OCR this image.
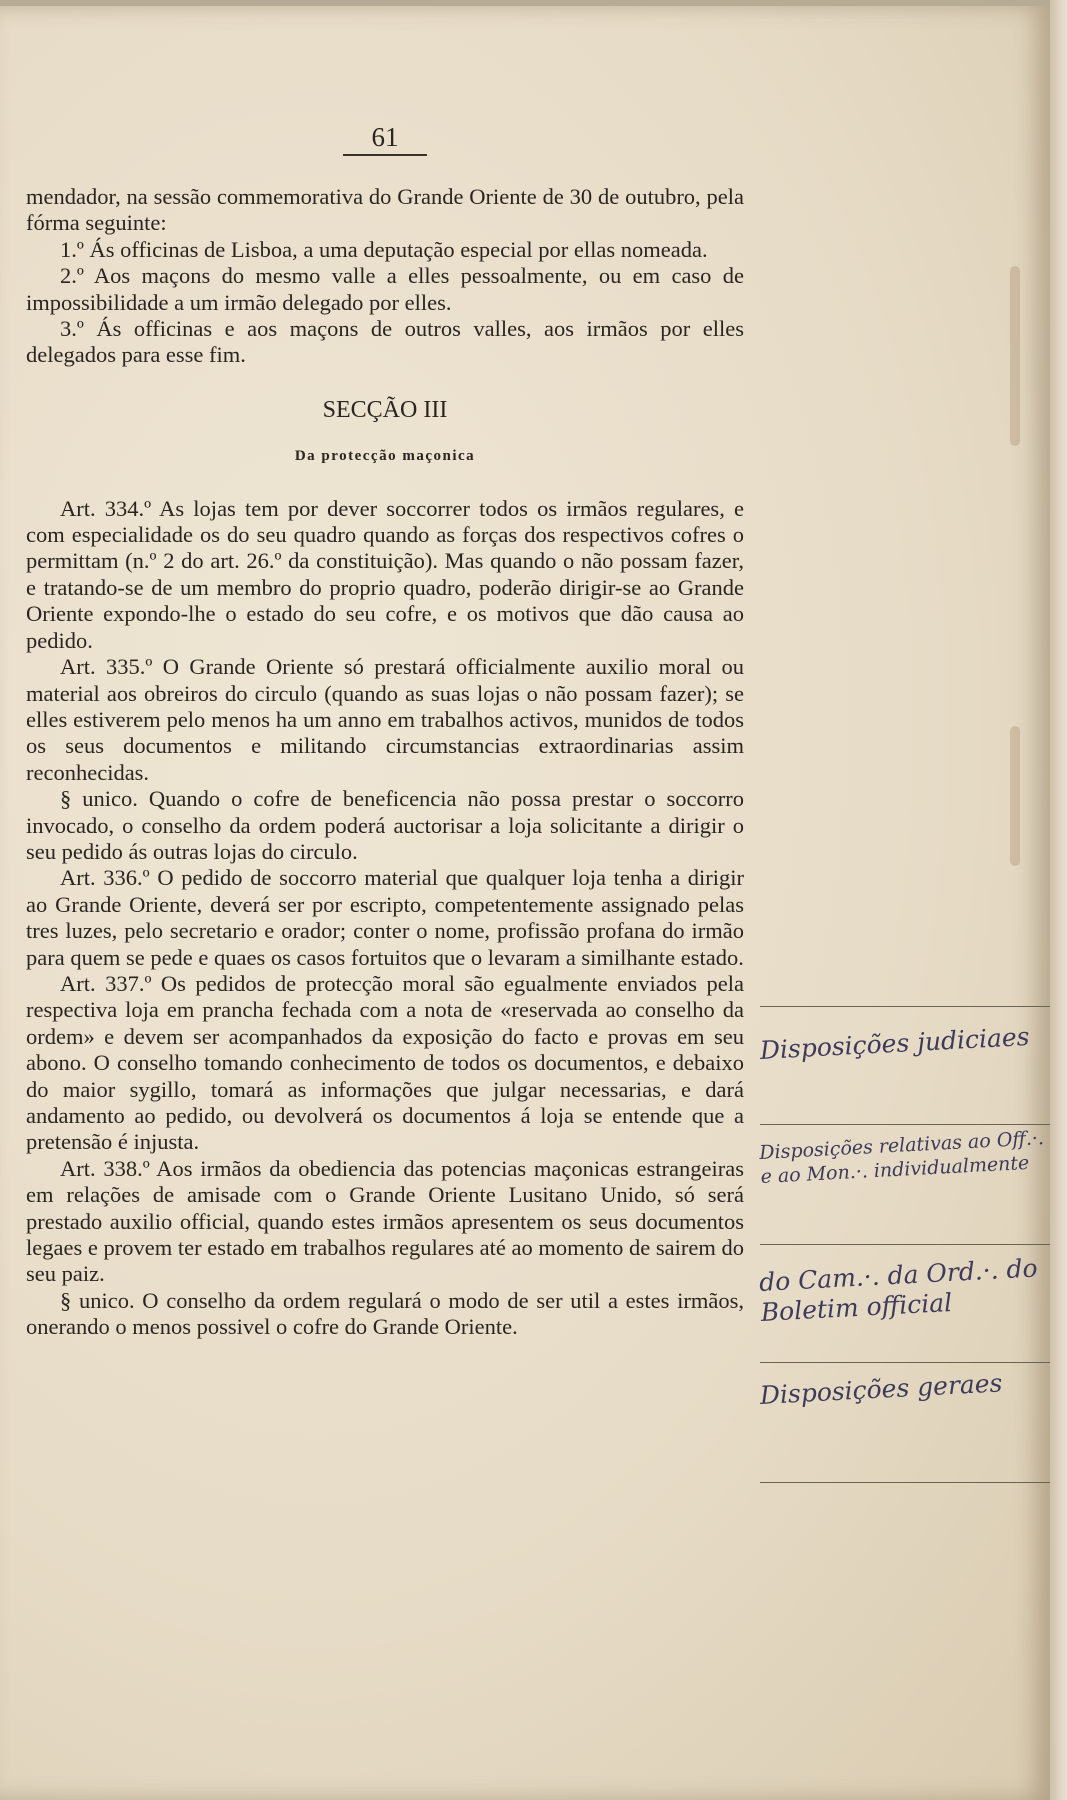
61

mendador, na sessão commemorativa do Grande Oriente de 30 de outubro, pela fórma seguinte:

1.º Ás officinas de Lisboa, a uma deputação especial por ellas nomeada.

2.º Aos maçons do mesmo valle a elles pessoalmente, ou em caso de impossibilidade a um irmão delegado por elles.

3.º Ás officinas e aos maçons de outros valles, aos irmãos por elles delegados para esse fim.

SECÇÃO III
Da protecção maçonica

Art. 334.º As lojas tem por dever soccorrer todos os irmãos regulares, e com especialidade os do seu quadro quando as forças dos respectivos cofres o permittam (n.º 2 do art. 26.º da constituição). Mas quando o não possam fazer, e tratando-se de um membro do proprio quadro, poderão dirigir-se ao Grande Oriente expondo-lhe o estado do seu cofre, e os motivos que dão causa ao pedido.

Art. 335.º O Grande Oriente só prestará officialmente auxilio moral ou material aos obreiros do circulo (quando as suas lojas o não possam fazer); se elles estiverem pelo menos ha um anno em trabalhos activos, munidos de todos os seus documentos e militando circumstancias extraordinarias assim reconhecidas.

§ unico. Quando o cofre de beneficencia não possa prestar o soccorro invocado, o conselho da ordem poderá auctorisar a loja solicitante a dirigir o seu pedido ás outras lojas do circulo.

Art. 336.º O pedido de soccorro material que qualquer loja tenha a dirigir ao Grande Oriente, deverá ser por escripto, competentemente assignado pelas tres luzes, pelo secretario e orador; conter o nome, profissão profana do irmão para quem se pede e quaes os casos fortuitos que o levaram a similhante estado.

Art. 337.º Os pedidos de protecção moral são egualmente enviados pela respectiva loja em prancha fechada com a nota de «reservada ao conselho da ordem» e devem ser acompanhados da exposição do facto e provas em seu abono. O conselho tomando conhecimento de todos os documentos, e debaixo do maior sygillo, tomará as informações que julgar necessarias, e dará andamento ao pedido, ou devolverá os documentos á loja se entende que a pretensão é injusta.

Art. 338.º Aos irmãos da obediencia das potencias maçonicas estrangeiras em relações de amisade com o Grande Oriente Lusitano Unido, só será prestado auxilio official, quando estes irmãos apresentem os seus documentos legaes e provem ter estado em trabalhos regulares até ao momento de sairem do seu paiz.

§ unico. O conselho da ordem regulará o modo de ser util a estes irmãos, onerando o menos possivel o cofre do Grande Oriente.

Disposições judiciaes
Disposições relativas ao Off.·. e ao Mon.·. individualmente
do Cam.·. da Ord.·. do Boletim official
Disposições geraes
